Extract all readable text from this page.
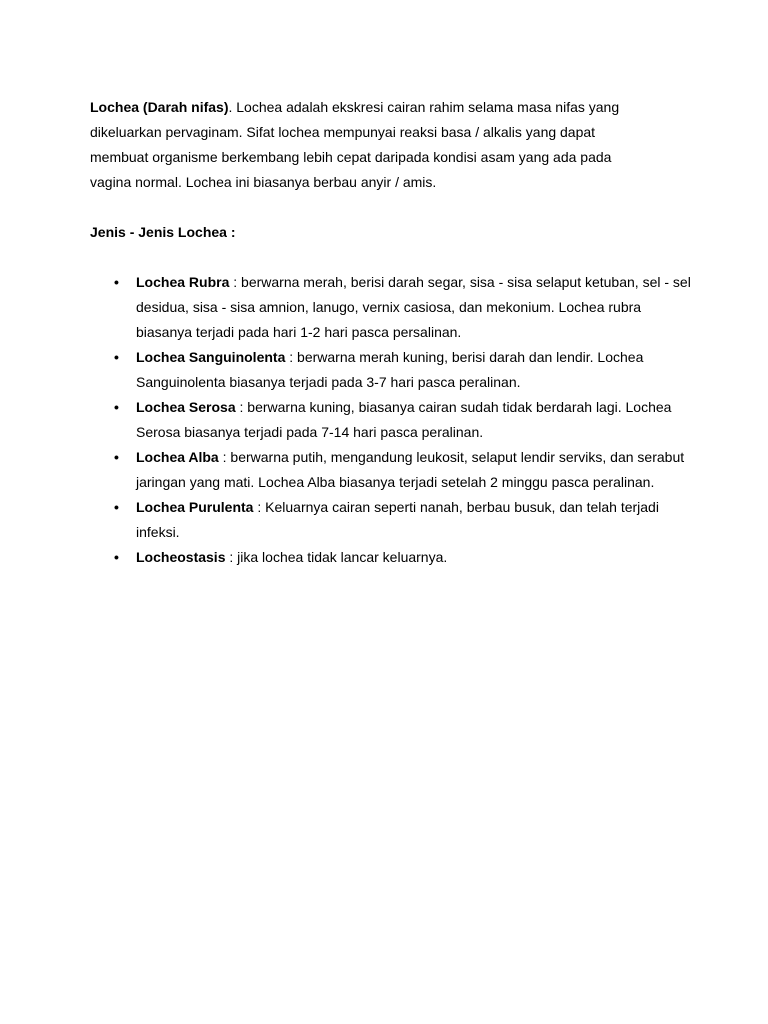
Lochea (Darah nifas). Lochea adalah ekskresi cairan rahim selama masa nifas yang dikeluarkan pervaginam. Sifat lochea mempunyai reaksi basa / alkalis yang dapat membuat organisme berkembang lebih cepat daripada kondisi asam yang ada pada vagina normal. Lochea ini biasanya berbau anyir / amis.

Jenis - Jenis Lochea :

• Lochea Rubra : berwarna merah, berisi darah segar, sisa - sisa selaput ketuban, sel - sel desidua, sisa - sisa amnion, lanugo, vernix casiosa, dan mekonium. Lochea rubra biasanya terjadi pada hari 1-2 hari pasca persalinan.
• Lochea Sanguinolenta : berwarna merah kuning, berisi darah dan lendir. Lochea Sanguinolenta biasanya terjadi pada 3-7 hari pasca peralinan.
• Lochea Serosa : berwarna kuning, biasanya cairan sudah tidak berdarah lagi. Lochea Serosa biasanya terjadi pada 7-14 hari pasca peralinan.
• Lochea Alba : berwarna putih, mengandung leukosit, selaput lendir serviks, dan serabut jaringan yang mati. Lochea Alba biasanya terjadi setelah 2 minggu pasca peralinan.
• Lochea Purulenta : Keluarnya cairan seperti nanah, berbau busuk, dan telah terjadi infeksi.
• Locheostasis : jika lochea tidak lancar keluarnya.
